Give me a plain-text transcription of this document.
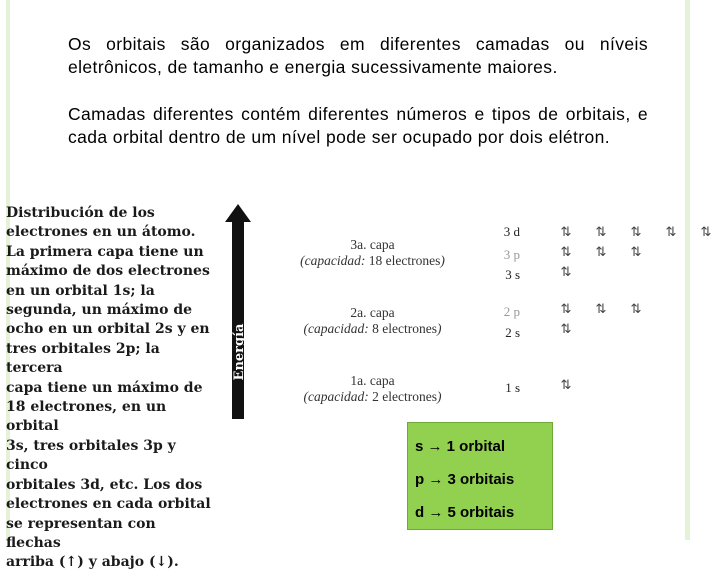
Os orbitais são organizados em diferentes camadas ou níveis eletrônicos, de tamanho e energia sucessivamente maiores.
Camadas diferentes contém diferentes números e tipos de orbitais, e cada orbital dentro de um nível pode ser ocupado por dois elétron.
Distribución de los
electrones en un átomo.
La primera capa tiene un
máximo de dos electrones
en un orbital 1s; la
segunda, un máximo de
ocho en un orbital 2s y en
tres orbitales 2p; la tercera
capa tiene un máximo de
18 electrones, en un orbital
3s, tres orbitales 3p y cinco
orbitales 3d, etc. Los dos
electrones en cada orbital
se representan con flechas
arriba (↑) y abajo (↓).
Energía
3a. capa
(capacidad: 18 electrones)
2a. capa
(capacidad: 8 electrones)
1a. capa
(capacidad: 2 electrones)
3 d
3 p
3 s
2 p
2 s
1 s
⇅	⇅	⇅	⇅	⇅
⇅	⇅	⇅
⇅
⇅	⇅	⇅
⇅
⇅
s → 1 orbital
p → 3 orbitais
d → 5 orbitais
